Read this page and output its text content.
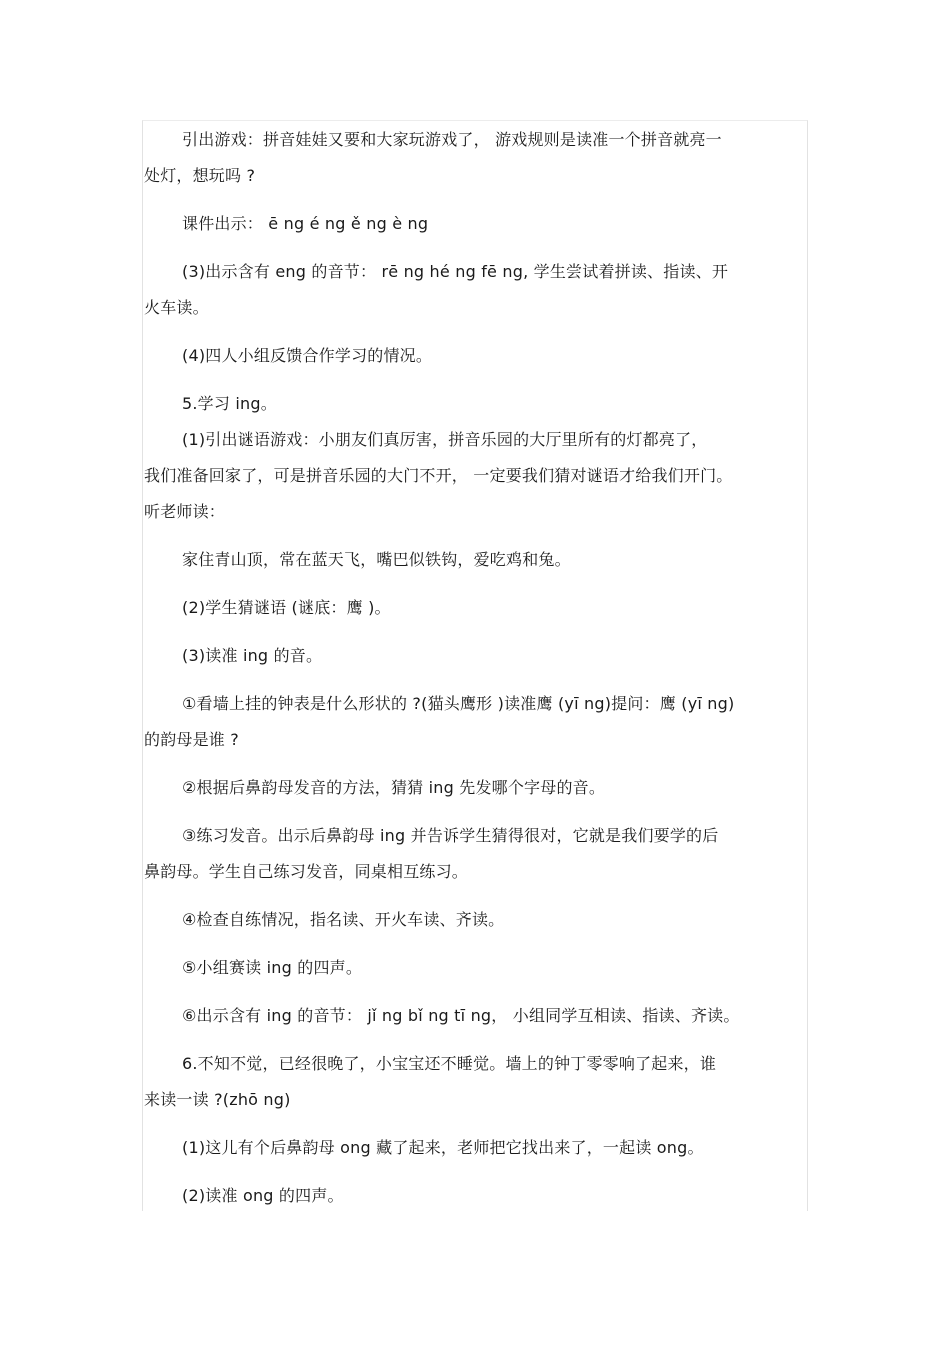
引出游戏：拼音娃娃又要和大家玩游戏了， 游戏规则是读准一个拼音就亮一

处灯，想玩吗 ?

课件出示： ē ng é ng ě ng è ng

(3)出示含有 eng 的音节： rē ng hé ng fē ng, 学生尝试着拼读、指读、开

火车读。

(4)四人小组反馈合作学习的情况。

5.学习 ing。

(1)引出谜语游戏：小朋友们真厉害，拼音乐园的大厅里所有的灯都亮了，

我们准备回家了，可是拼音乐园的大门不开， 一定要我们猜对谜语才给我们开门。

听老师读：

家住青山顶，常在蓝天飞，嘴巴似铁钩，爱吃鸡和兔。

(2)学生猜谜语 (谜底：鹰 )。

(3)读准 ing 的音。

①看墙上挂的钟表是什么形状的 ?(猫头鹰形 )读准鹰 (yī ng)提问：鹰 (yī ng)

的韵母是谁 ?

②根据后鼻韵母发音的方法，猜猜 ing 先发哪个字母的音。

③练习发音。出示后鼻韵母 ing 并告诉学生猜得很对，它就是我们要学的后

鼻韵母。学生自己练习发音，同桌相互练习。

④检查自练情况，指名读、开火车读、齐读。

⑤小组赛读 ing 的四声。

⑥出示含有 ing 的音节： jǐ ng bǐ ng tī ng， 小组同学互相读、指读、齐读。

6.不知不觉，已经很晚了，小宝宝还不睡觉。墙上的钟丁零零响了起来，谁

来读一读 ?(zhō ng)

(1)这儿有个后鼻韵母 ong 藏了起来，老师把它找出来了，一起读 ong。

(2)读准 ong 的四声。
